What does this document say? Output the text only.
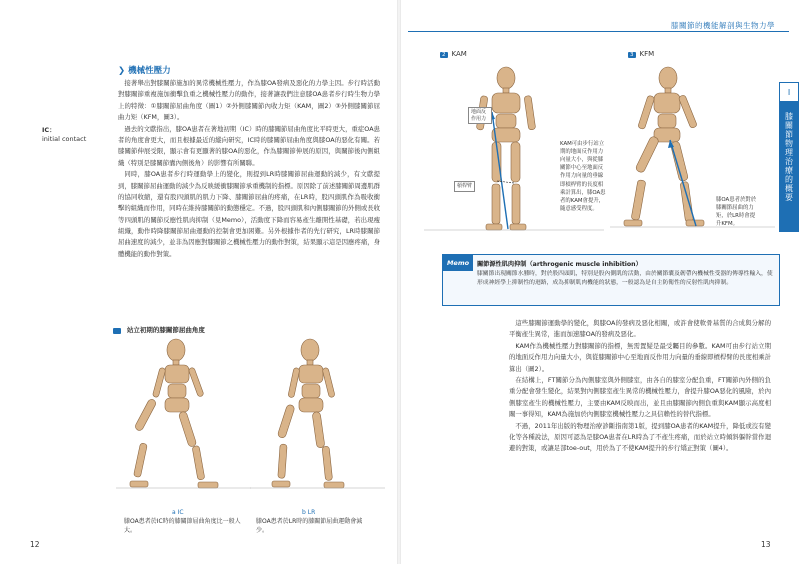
膝關節的機能解剖與生物力學
膝關節物理治療的概要
I
IC：
initial contact
❯ 機械性壓力

接著舉出對膝關節施加的異常機械性壓力，作為膝OA發病及惡化的力學主因。步行時活動對膝關節重複施加衝擊負重之機械性壓力的動作，接著讓我們注意膝OA患者步行時生物力學上的特徵：①膝關節屈曲角度（圖1）②外側膝關節內收力矩（KAM，圖2）③外側膝關節屈曲力矩（KFM，圖3）。

過去的文獻指出，膝OA患者在著地初期（IC）時的膝關節屈曲角度比平時更大，重症OA患者的角度會更大，而且根據最近的縱向研究，IC時的膝關節屈曲角度與膝OA的惡化有關。若膝關節伸展受限，顯示會有更顯著的膝OA的惡化，作為膝關節伸展的原因，與關節後內側組織（特別是膝關節囊內側後角）的影響有所關聯。

同時，膝OA患者步行時運動學上的變化，則提到LR時膝關節屈曲運動的減少，有文獻提到，膝關節屈曲運動的減少為反映緩衝膝關節承重機制的指標。原因除了前述膝關節周邊肌群的協同收縮，還有股四頭肌的肌力下降、膝關節屈曲的疼痛，在LR時，股四頭肌作為吸收衝擊的組織而作用，同時在維持膝關節的動態穩定。不過，股四頭肌和內側膝關節的外側或長收等四頭肌的關節反應性肌肉抑制（見Memo），活動度下降而容易產生離開性基礎，若出現瘦組織，動作時降膝關節屈曲運動的控制會更加困難。另外根據作者的先行研究，LR時膝關節屈曲速度的減少，並非為因應對膝關節之機械性壓力的動作對策，結果顯示這是因應疼痛，身體機能的動作對策。

1 站立初期的膝關節屈曲角度
a IC
膝OA患者於IC時的膝關節屈曲角度比一般人大。
b LR
膝OA患者於LR時的膝關節屈曲運動會減少。
12
2 KAM
地面反作用力
槓桿臂
KAM可由步行站立期的地面反作用力向量大小，與從膝關節中心至地面反作用力向量的垂線即槓桿臂的長度相乘計算出，膝OA患者的KAM會提升，隨意感受程度。
3 KFM
膝OA患者於對於膝關節屈曲的力矩，於LR時會提升KFM。
Memo	關節源性肌肉抑制（arthrogenic muscle inhibition）
膝關節出現關節水腫時，對於股四頭肌，特別是股內側肌的活動，由於關節囊及韌帶內機械性受器的傳導性輸入，使形成神經學上抑制性的迴路，成為抑制肌肉機能的狀態，一般認為是自主防衛性的反射性肌肉抑制。

這些膝關節運動學的變化，與膝OA的發病及惡化相關，或許會使軟骨基質的合成與分解的平衡產生異常，進而加速膝OA的發病及惡化。

KAM作為機械性壓力對膝關節的指標，無需置疑是最受矚目的參數。KAM可由步行站立期的地面反作用力向量大小，與從膝關節中心至地面反作用力向量的垂線即槓桿臂的長度相乘計算出（圖2）。

在結構上，FT關節分為內側膝室與外側膝室，由各自的膝室分配負重，FT關節內外側的負重分配會發生變化，結果對內側膝室產生異常的機械性壓力，會提升膝OA惡化的風險，於內側膝室產生的機械性壓力，主要由KAM反映而出，並且由膝關節內側負重與KAM顯示高度相關一事得知，KAM為施加於內側膝室機械性壓力之具信賴性的替代指標。

不過，2011年出版的物理治療診斷指南第1版，提到膝OA患者的KAM提升，降低或沒有變化等各種說法，原因可認為是膝OA患者在LR時為了不產生疼痛，而於站立時傾斜軀幹當作迴避的對策，或讓足部toe-out，用於為了不使KAM提升的步行矯正對策（圖4）。

13
